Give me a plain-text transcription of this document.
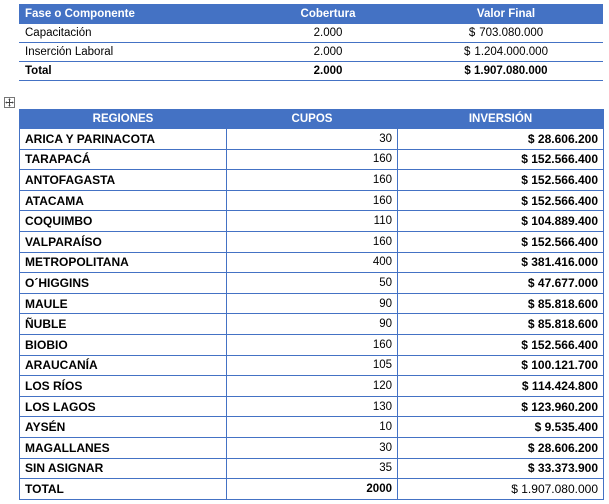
Fase o Componente	Cobertura	Valor Final
Capacitación	2.000	$ 703.080.000
Inserción Laboral	2.000	$ 1.204.000.000
Total	2.000	$ 1.907.080.000
REGIONES	CUPOS	INVERSIÓN
ARICA Y PARINACOTA	30	$ 28.606.200
TARAPACÁ	160	$ 152.566.400
ANTOFAGASTA	160	$ 152.566.400
ATACAMA	160	$ 152.566.400
COQUIMBO	110	$ 104.889.400
VALPARAÍSO	160	$ 152.566.400
METROPOLITANA	400	$ 381.416.000
O´HIGGINS	50	$ 47.677.000
MAULE	90	$ 85.818.600
ÑUBLE	90	$ 85.818.600
BIOBIO	160	$ 152.566.400
ARAUCANÍA	105	$ 100.121.700
LOS RÍOS	120	$ 114.424.800
LOS LAGOS	130	$ 123.960.200
AYSÉN	10	$ 9.535.400
MAGALLANES	30	$ 28.606.200
SIN ASIGNAR	35	$ 33.373.900
TOTAL	2000	$ 1.907.080.000
